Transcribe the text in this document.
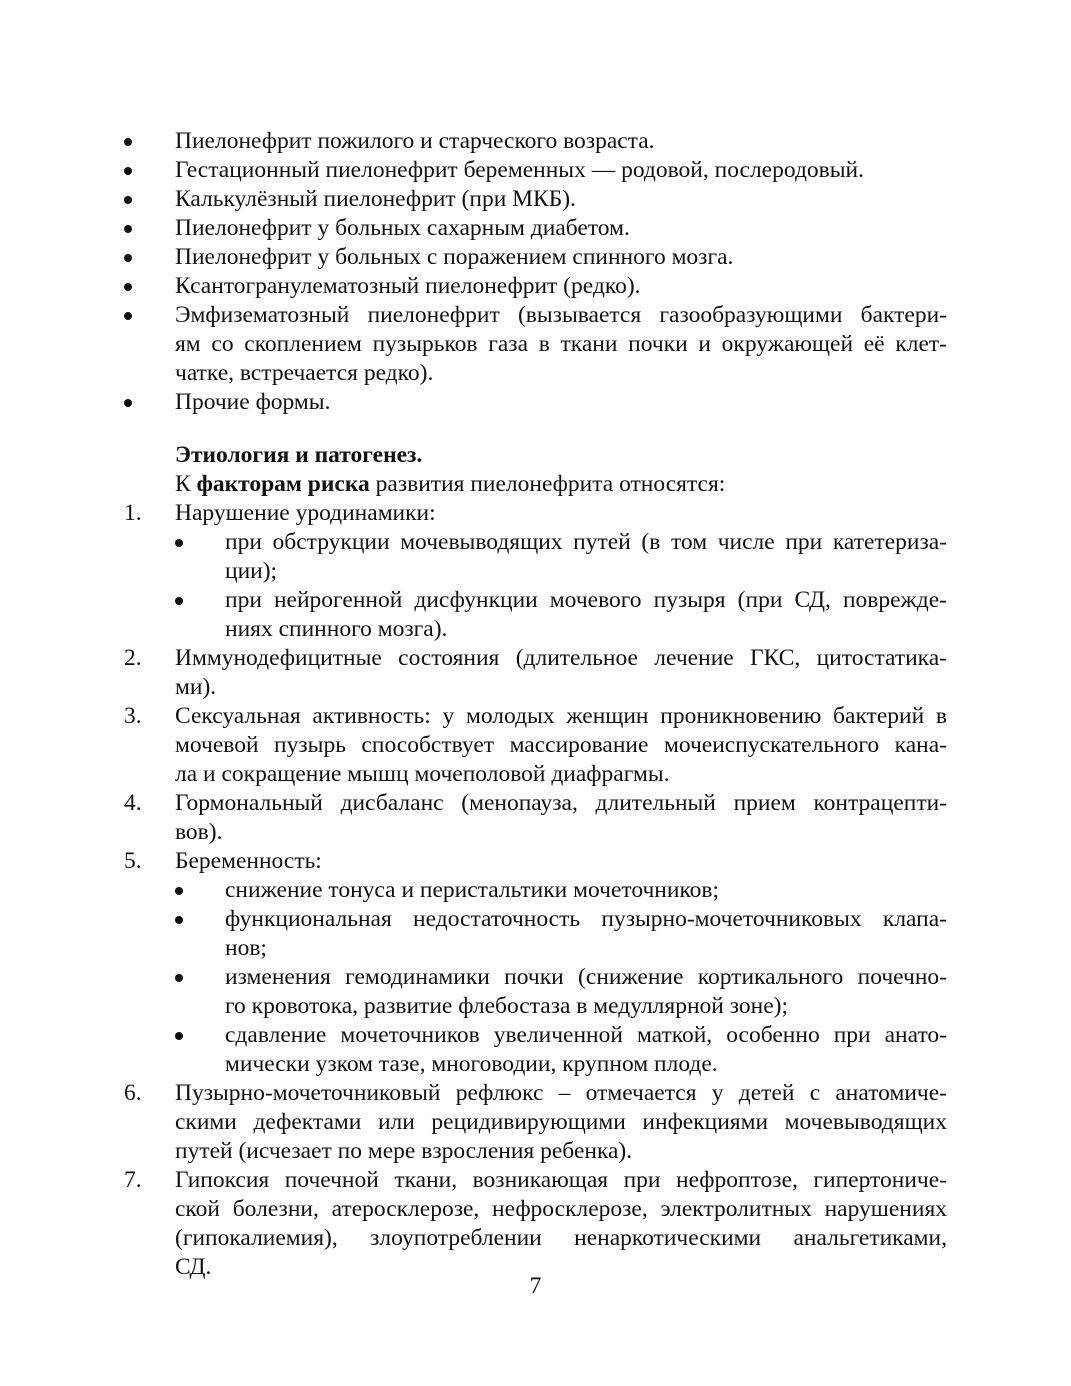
Этиология и патогенез.
К факторам риска развития пиелонефрита относятся:
Пиелонефрит пожилого и старческого возраста.
Гестационный пиелонефрит беременных — родовой, послеродовый.
Калькулёзный пиелонефрит (при МКБ).
Пиелонефрит у больных сахарным диабетом.
Пиелонефрит у больных с поражением спинного мозга.
Ксантогранулематозный пиелонефрит (редко).
Эмфизематозный пиелонефрит (вызывается газообразующими бактери-
ям со скоплением пузырьков газа в ткани почки и окружающей её клет-
чатке, встречается редко).
Прочие формы.
1. Нарушение уродинамики:
при обструкции мочевыводящих путей (в том числе при катетериза-
ции);
при нейрогенной дисфункции мочевого пузыря (при СД, поврежде-
ниях спинного мозга).
2. Иммунодефицитные состояния (длительное лечение ГКС, цитостатика-
ми).
3. Сексуальная активность: у молодых женщин проникновению бактерий в
мочевой пузырь способствует массирование мочеиспускательного кана-
ла и сокращение мышц мочеполовой диафрагмы.
4. Гормональный дисбаланс (менопауза, длительный прием контрацепти-
вов).
5. Беременность:
снижение тонуса и перистальтики мочеточников;
функциональная недостаточность пузырно-мочеточниковых клапа-
нов;
изменения гемодинамики почки (снижение кортикального почечно-
го кровотока, развитие флебостаза в медуллярной зоне);
сдавление мочеточников увеличенной маткой, особенно при анато-
мически узком тазе, многоводии, крупном плоде.
6. Пузырно-мочеточниковый рефлюкс – отмечается у детей с анатомиче-
скими дефектами или рецидивирующими инфекциями мочевыводящих
путей (исчезает по мере взросления ребенка).
7. Гипоксия почечной ткани, возникающая при нефроптозе, гипертониче-
ской болезни, атеросклерозе, нефросклерозе, электролитных нарушениях
(гипокалиемия), злоупотреблении ненаркотическими анальгетиками,
СД.
7
